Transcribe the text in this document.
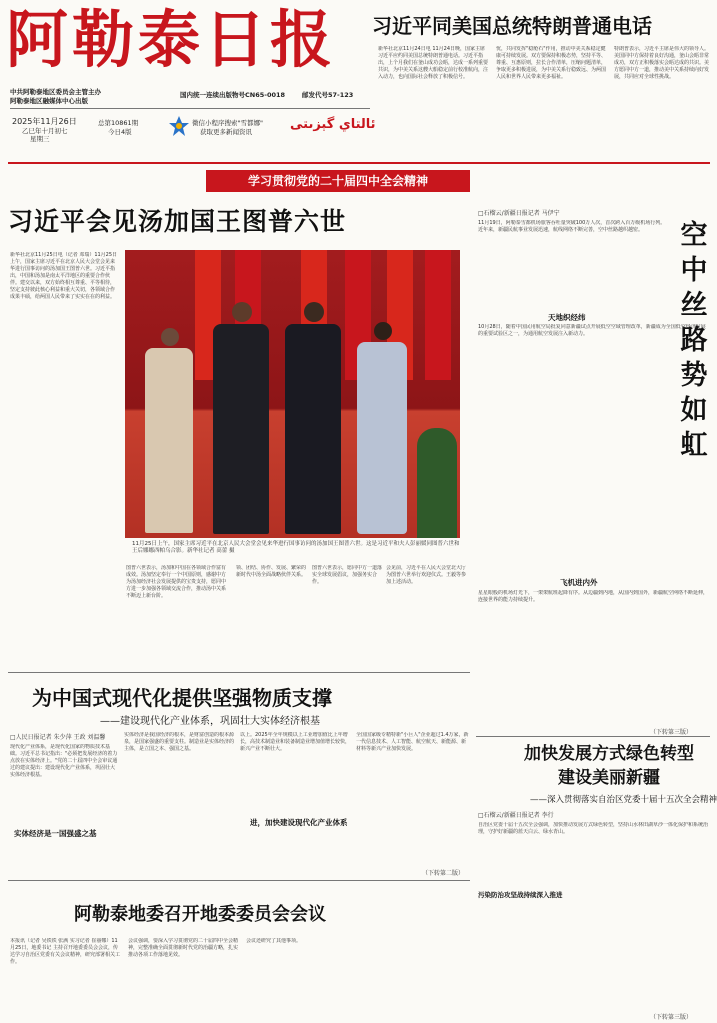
阿勒泰日报
中共阿勒泰地区委员会主管主办
阿勒泰地区融媒体中心出版
2025年11月26日
乙巳年十月初七
星期三
总第10861期
今日4版
微信小程序搜索"雪都娜"
获取更多新闻资讯	ئالتاي گېزىتى
国内统一连续出版物号CN65-0018	邮发代号57-123
习近平同美国总统特朗普通电话
新华社北京11月24日电 11月24日晚，国家主席习近平应约同美国总统特朗普通电话。习近平指出，上个月我们在釜山成功会晤，达成一系列重要共识，为中美关系这艘大船稳定前行校准航向，注入动力，也向国际社会释放了积极信号。
忧，共同发挥"稳舱石"作用，推动中美关系稳定健康可持续发展。双方要保持积极态势，坚持平等、尊重、互惠原则，拉长合作清单，压缩问题清单，争取更多积极进展，为中美关系行稳致远、为两国人民和世界人民带来更多福祉。
特朗普表示，习近平主席是伟大的领导人。美国同中方保持着良好沟通，釜山会晤非常成功，双方正积极落实会晤达成的共识。美方愿同中方一道，推动美中关系持续向好发展，共同应对全球性挑战。
学习贯彻党的二十届四中全会精神
习近平会见汤加国王图普六世
新华社北京11月25日电（记者 邓瑞）11月25日上午，国家主席习近平在北京人民大会堂会见来华进行国事访问的汤加国王图普六世。习近平指出，中国和汤加是南太平洋地区的重要合作伙伴。建交以来，双方始终相互尊重、平等相待，坚定支持彼此核心利益和重大关切，各领域合作成果丰硕，给两国人民带来了实实在在的利益。
11月25日上午，国家主席习近平在北京人民大会堂会见来华进行国事访问的汤加国王图普六世。这是习近平和夫人彭丽媛同图普六世和王后娜娜西帕乌合影。新华社记者 高蕾 摄
图普六世表示，汤加和中国在各领域合作富有成效。汤加坚定奉行一个中国原则，感谢中方为汤加经济社会发展提供的宝贵支持，愿同中方进一步加强各领域交流合作，推动汤中关系不断迈上新台阶。
领、团结、协作、发展、繁荣的新时代中汤全面战略伙伴关系。
图普六世表示，愿同中方一道落实全球发展倡议，加强务实合作。
会见前，习近平在人民大会堂北大厅为图普六世举行欢迎仪式。王毅等参加上述活动。
□石榴云/新疆日报记者 马伊宁
空中丝路势如虹
11月19日，阿勒泰雪都机场旅客吞吐量突破100万人次，首次跨入百万级机场行列。近年来，新疆民航事业发展迅速，航线网络不断完善，空中丝路越织越密。
天地织经纬
10月28日，随着中国民用航空局批复同意新疆试点开展低空空域管理改革，新疆成为全国低空经济发展的重要试验区之一，为通用航空发展注入新动力。
飞机进内外
星星眼般的机场灯光下，一架架航班起降有序。从边疆到内地，从国内到国外，新疆航空网络不断延伸，连接世界的能力持续提升。
（下转第三版）
为中国式现代化提供坚强物质支撑
——建设现代化产业体系，巩固壮大实体经济根基
□人民日报记者 朱少萍 王政 刘温馨
现代化产业体系，是现代化国家的物质技术基础。习近平总书记指出："必须把发展经济的着力点放在实体经济上。"党的二十届四中全会审议通过的建议提出：建设现代化产业体系，巩固壮大实体经济根基。
实体经济是一国强盛之基
实体经济是我国经济的根本，是财富创造的根本源泉，是国家强盛的重要支柱。制造业是实体经济的主体，是立国之本、强国之基。
以上。2025年全年规模以上工业增加值比上年增长，高技术制造业和装备制造业增加值增长较快，新兴产业不断壮大。
进，加快建设现代化产业体系
全国国家级专精特新"小巨人"企业超过1.4万家，新一代信息技术、人工智能、航空航天、新能源、新材料等新兴产业加快发展。
（下转第二版）
阿勒泰地委召开地委委员会会议
本报讯（记者 吴铁铁 张满 实习记者 崔丽娜）11月25日，地委书记 主持召开地委委员会会议，传达学习自治区党委有关会议精神，研究部署相关工作。
会议强调，要深入学习贯彻党的二十届四中全会精神，完整准确全面贯彻新时代党的治疆方略，扎实推动各项工作落地见效。
会议还研究了其他事项。
加快发展方式绿色转型 建设美丽新疆
——深入贯彻落实自治区党委十届十五次全会精神
□石榴云/新疆日报记者 李行
污染防治攻坚战持续深入推进
自治区党委十届十五次全会强调，加快推动发展方式绿色转型，坚持山水林田湖草沙一体化保护和系统治理，守护好新疆的蓝天白云、绿水青山。
（下转第三版）
